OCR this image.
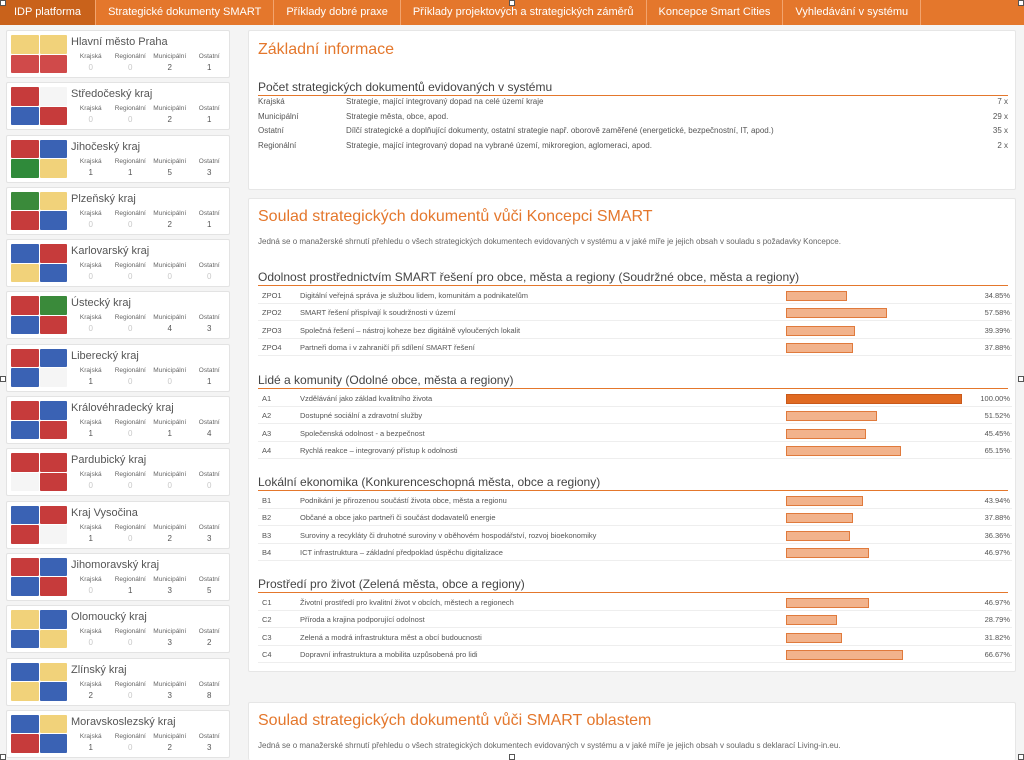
IDP platforma	Strategické dokumenty SMART	Příklady dobré praxe	Příklady projektových a strategických záměrů	Koncepce Smart Cities	Vyhledávání v systému
Hlavní město Praha
Krajská	Regionální	Municipální	Ostatní
0	0	2	1
Středočeský kraj
Krajská	Regionální	Municipální	Ostatní
0	0	2	1
Jihočeský kraj
Krajská	Regionální	Municipální	Ostatní
1	1	5	3
Plzeňský kraj
Krajská	Regionální	Municipální	Ostatní
0	0	2	1
Karlovarský kraj
Krajská	Regionální	Municipální	Ostatní
0	0	0	0
Ústecký kraj
Krajská	Regionální	Municipální	Ostatní
0	0	4	3
Liberecký kraj
Krajská	Regionální	Municipální	Ostatní
1	0	0	1
Královéhradecký kraj
Krajská	Regionální	Municipální	Ostatní
1	0	1	4
Pardubický kraj
Krajská	Regionální	Municipální	Ostatní
0	0	0	0
Kraj Vysočina
Krajská	Regionální	Municipální	Ostatní
1	0	2	3
Jihomoravský kraj
Krajská	Regionální	Municipální	Ostatní
0	1	3	5
Olomoucký kraj
Krajská	Regionální	Municipální	Ostatní
0	0	3	2
Zlínský kraj
Krajská	Regionální	Municipální	Ostatní
2	0	3	8
Moravskoslezský kraj
Krajská	Regionální	Municipální	Ostatní
1	0	2	3
Základní informace
Počet strategických dokumentů evidovaných v systému
Krajská	Strategie, mající integrovaný dopad na celé území kraje	7 x
Municipální	Strategie města, obce, apod.	29 x
Ostatní	Dílčí strategické a doplňující dokumenty, ostatní strategie např. oborově zaměřené (energetické, bezpečnostní, IT, apod.)	35 x
Regionální	Strategie, mající integrovaný dopad na vybrané území, mikroregion, aglomeraci, apod.	2 x
Soulad strategických dokumentů vůči Koncepci SMART
Jedná se o manažerské shrnutí přehledu o všech strategických dokumentech evidovaných v systému a v jaké míře je jejich obsah v souladu s požadavky Koncepce.
Odolnost prostřednictvím SMART řešení pro obce, města a regiony (Soudržné obce, města a regiony)
ZPO1 Digitální veřejná správa je službou lidem, komunitám a podnikatelům	34.85%
ZPO2 SMART řešení přispívají k soudržnosti v území	57.58%
ZPO3 Společná řešení – nástroj koheze bez digitálně vyloučených lokalit	39.39%
ZPO4 Partneři doma i v zahraničí při sdílení SMART řešení	37.88%
Lidé a komunity (Odolné obce, města a regiony)
A1	Vzdělávání jako základ kvalitního života	100.00%
A2	Dostupné sociální a zdravotní služby	51.52%
A3	Společenská odolnost - a bezpečnost	45.45%
A4	Rychlá reakce – integrovaný přístup k odolnosti	65.15%
Lokální ekonomika (Konkurenceschopná města, obce a regiony)
B1	Podnikání je přirozenou součástí života obce, města a regionu	43.94%
B2	Občané a obce jako partneři či součást dodavatelů energie	37.88%
B3	Suroviny a recykláty či druhotné suroviny v oběhovém hospodářství, rozvoj bioekonomiky	36.36%
B4	ICT infrastruktura – základní předpoklad úspěchu digitalizace	46.97%
Prostředí pro život (Zelená města, obce a regiony)
C1	Životní prostředí pro kvalitní život v obcích, městech a regionech	46.97%
C2	Příroda a krajina podporující odolnost	28.79%
C3	Zelená a modrá infrastruktura měst a obcí budoucnosti	31.82%
C4	Dopravní infrastruktura a mobilita uzpůsobená pro lidi	66.67%
Soulad strategických dokumentů vůči SMART oblastem
Jedná se o manažerské shrnutí přehledu o všech strategických dokumentech evidovaných v systému a v jaké míře je jejich obsah v souladu s deklarací Living-in.eu.
